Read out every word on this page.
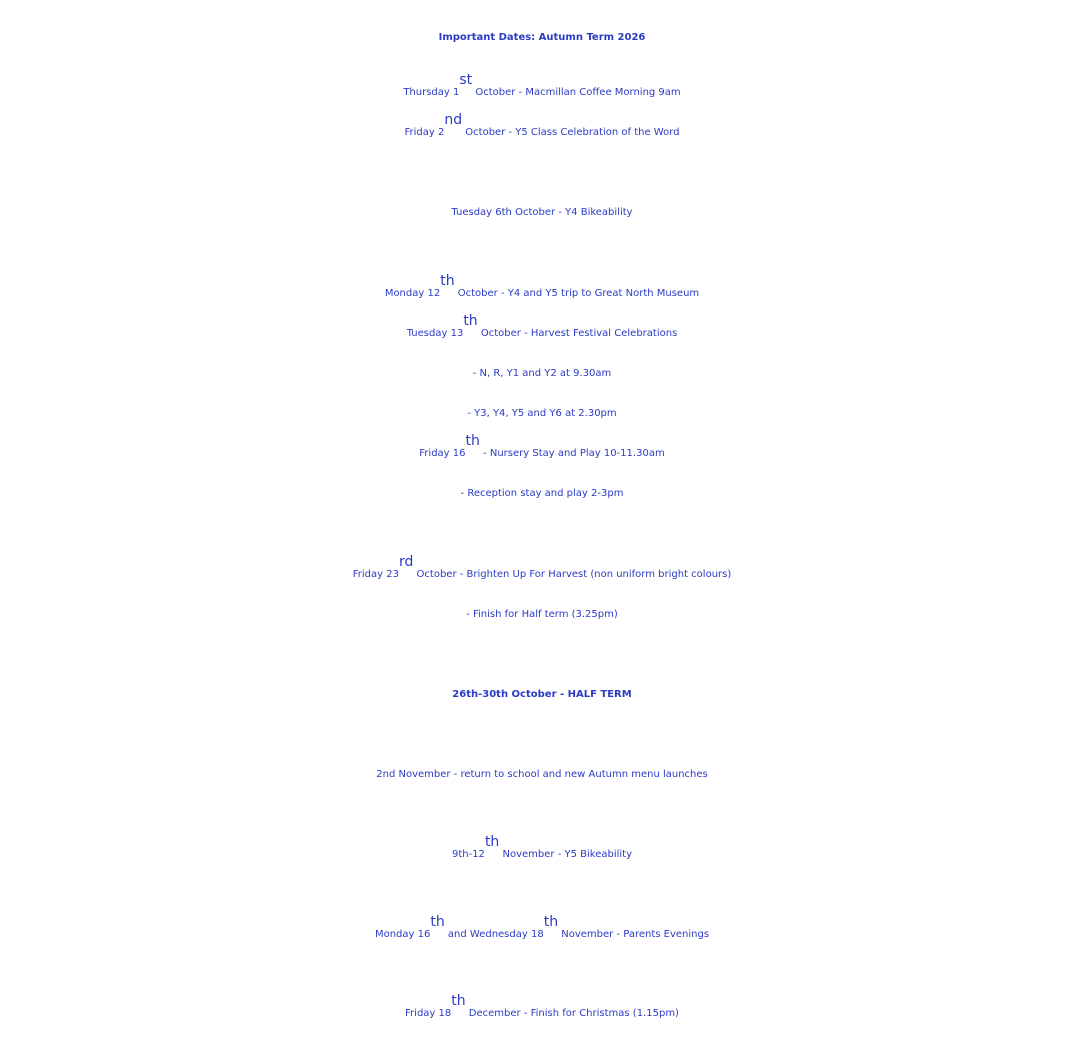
Important Dates: Autumn Term 2026
Thursday 1st October - Macmillan Coffee Morning 9am
Friday 2nd October - Y5 Class Celebration of the Word
Tuesday 6th October - Y4 Bikeability
Monday 12th October - Y4 and Y5 trip to Great North Museum
Tuesday 13th October - Harvest Festival Celebrations
- N, R, Y1 and Y2 at 9.30am
- Y3, Y4, Y5 and Y6 at 2.30pm
Friday 16th - Nursery Stay and Play 10-11.30am
- Reception stay and play 2-3pm
Friday 23rd October - Brighten Up For Harvest (non uniform bright colours)
- Finish for Half term (3.25pm)
26th-30th October - HALF TERM
2nd November - return to school and new Autumn menu launches
9th-12th November - Y5 Bikeability
Monday 16th and Wednesday 18th November - Parents Evenings
Friday 18th December - Finish for Christmas (1.15pm)
